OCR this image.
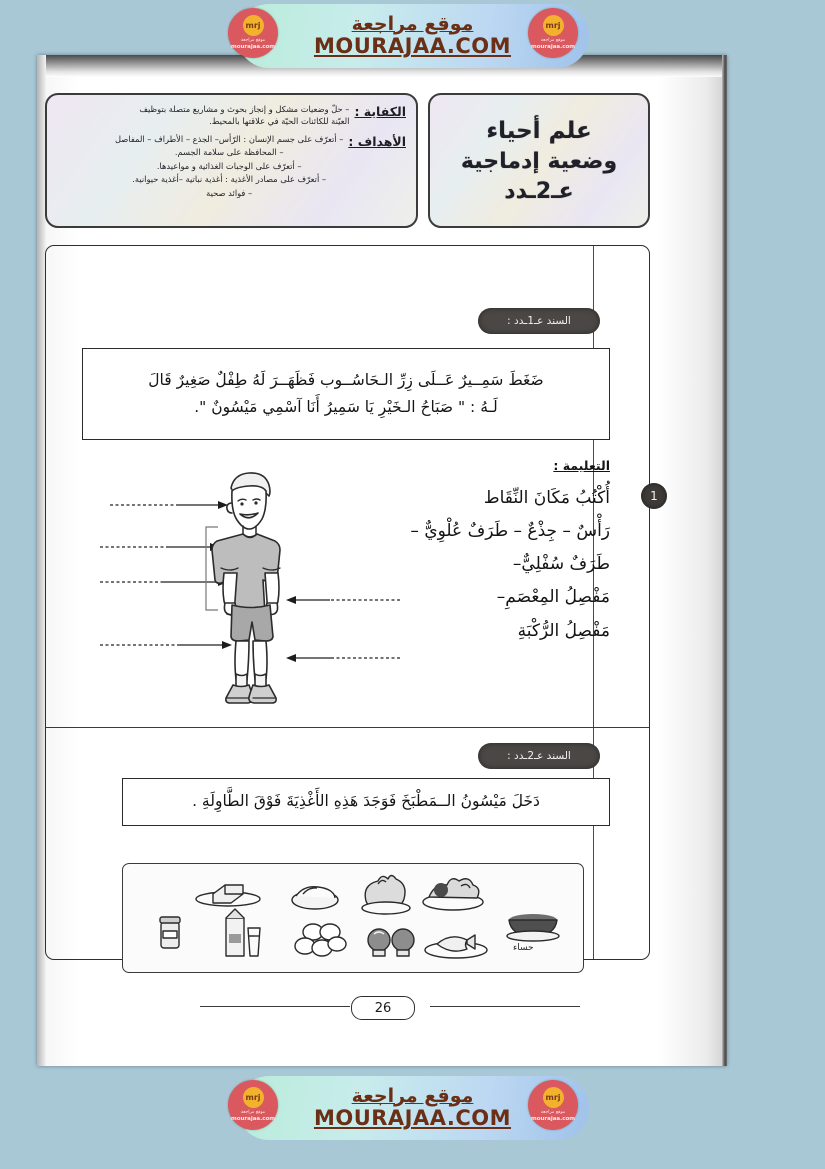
موقع مراجعة
MOURAJAA.COM
mrj
موقع مراجعة
mourajaa.com
mrj
موقع مراجعة
mourajaa.com
علم أحياء
وضعية إدماجية
عـ2ـدد
الكفاية :
– حلّ وضعيات مشكل و إنجاز بحوث و مشاريع متصلة بتوظيف
العيّنة للكائنات الحيّة في علاقتها بالمحيط.
الأهداف :
– أتعرّف على جسم الإنسان : الرّأس– الجذع – الأطراف – المفاصل
– المحافظة على سلامة الجسم.
– أتعرّف على الوجبات الغذائية و مواعيدها.
– أتعرّف على مصادر الأغذية : أغذية نباتية –أغذية حيوانية.
– فوائد صحية
السند عـ1ـدد :
1
ضَغَطَ سَمِــيرٌ عَــلَى زِرِّ الـحَاسُــوب فَظَهَــرَ لَهُ طِفْلٌ صَغِيرٌ قَالَ
لَـهُ : " صَبَاحُ الـخَيْرِ يَا سَمِيرُ أَنَا آسْمِي مَيْسُونٌ ".
التعليمة :
أُكْتُبُ مَكَانَ النِّقَاط
رَأْسٌ – جِذْعٌ – طَرَفٌ عُلْوِيٌّ –
طَرَفٌ سُفْلِيٌّ–
مَفْصِلُ المِعْصَمِ–
مَفْصِلُ الرُّكْبَةِ
السند عـ2ـدد :
دَخَلَ مَيْسُونُ الــمَطْبَخَ فَوَجَدَ هَذِهِ الأَغْذِيَةَ فَوْقَ الطَّاوِلَةِ .
حساء
26
موقع مراجعة
MOURAJAA.COM
mrj
موقع مراجعة
mourajaa.com
mrj
موقع مراجعة
mourajaa.com
